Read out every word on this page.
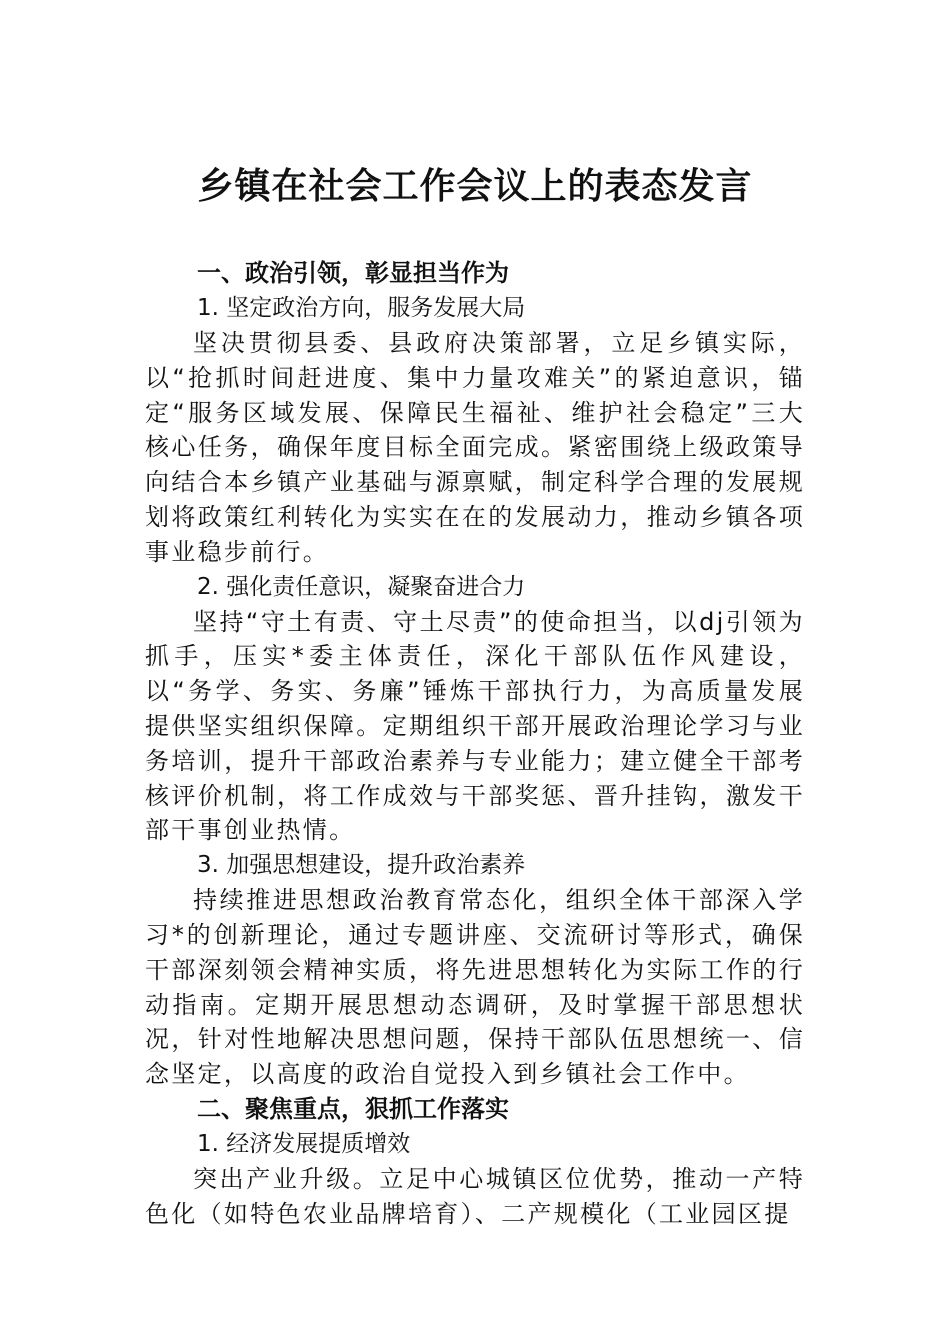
乡镇在社会工作会议上的表态发言
一、政治引领，彰显担当作为
1. 坚定政治方向，服务发展大局

坚决贯彻县委、县政府决策部署，立足乡镇实际，以“抢抓时间赶进度、集中力量攻难关”的紧迫意识，锚定“服务区域发展、保障民生福祉、维护社会稳定”三大核心任务，确保年度目标全面完成。紧密围绕上级政策导向结合本乡镇产业基础与源禀赋，制定科学合理的发展规划将政策红利转化为实实在在的发展动力，推动乡镇各项事业稳步前行。

2. 强化责任意识，凝聚奋进合力

坚持“守土有责、守土尽责”的使命担当，以dj引领为抓手，压实*委主体责任，深化干部队伍作风建设，以“务学、务实、务廉”锤炼干部执行力，为高质量发展提供坚实组织保障。定期组织干部开展政治理论学习与业务培训，提升干部政治素养与专业能力；建立健全干部考核评价机制，将工作成效与干部奖惩、晋升挂钩，激发干部干事创业热情。

3. 加强思想建设，提升政治素养

持续推进思想政治教育常态化，组织全体干部深入学习*的创新理论，通过专题讲座、交流研讨等形式，确保干部深刻领会精神实质，将先进思想转化为实际工作的行动指南。定期开展思想动态调研，及时掌握干部思想状况，针对性地解决思想问题，保持干部队伍思想统一、信念坚定，以高度的政治自觉投入到乡镇社会工作中。

二、聚焦重点，狠抓工作落实
1. 经济发展提质增效

突出产业升级。立足中心城镇区位优势，推动一产特色化（如特色农业品牌培育）、二产规模化（工业园区提
